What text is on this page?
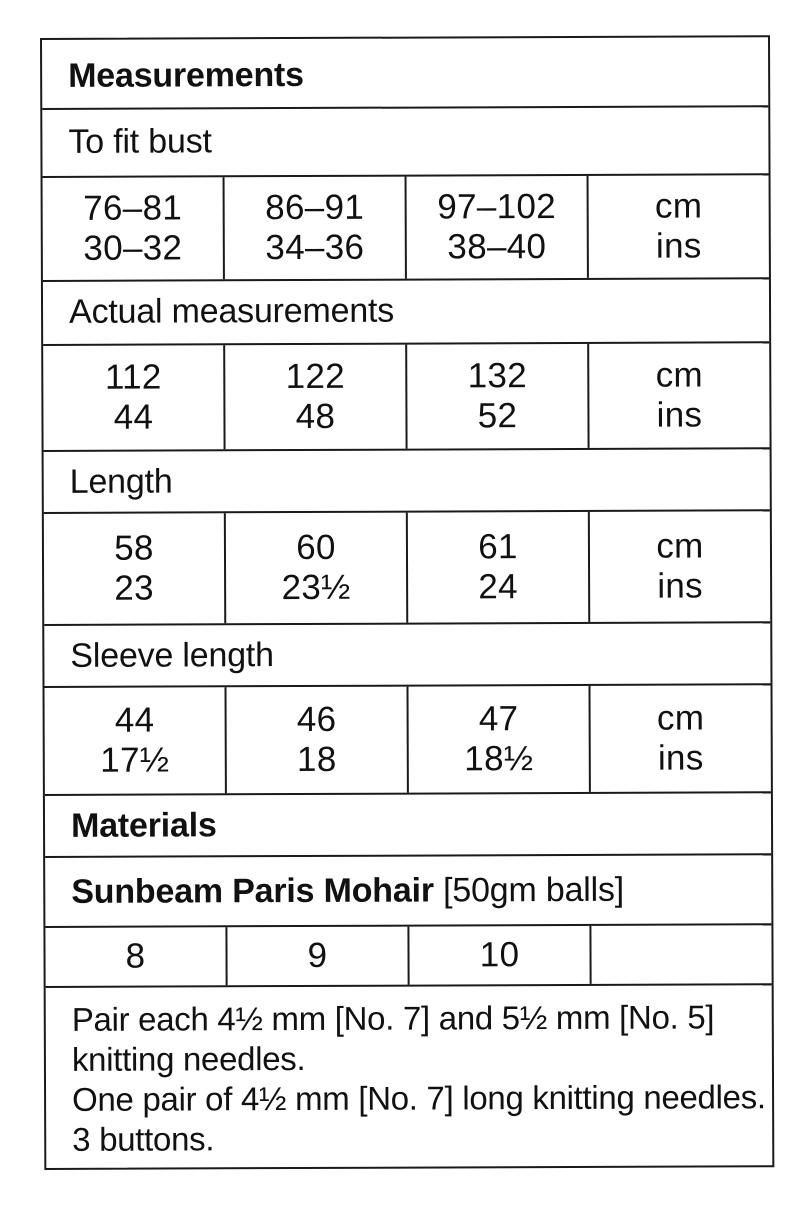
Measurements
To fit bust
76–81
30–32
86–91
34–36
97–102
38–40
cm
ins
Actual measurements
112
44
122
48
132
52
cm
ins
Length
58
23
60
23½
61
24
cm
ins
Sleeve length
44
17½
46
18
47
18½
cm
ins
Materials
Sunbeam Paris Mohair [50gm balls]
8	9	10
Pair each 4½ mm [No. 7] and 5½ mm [No. 5]
knitting needles.
One pair of 4½ mm [No. 7] long knitting needles.
3 buttons.
